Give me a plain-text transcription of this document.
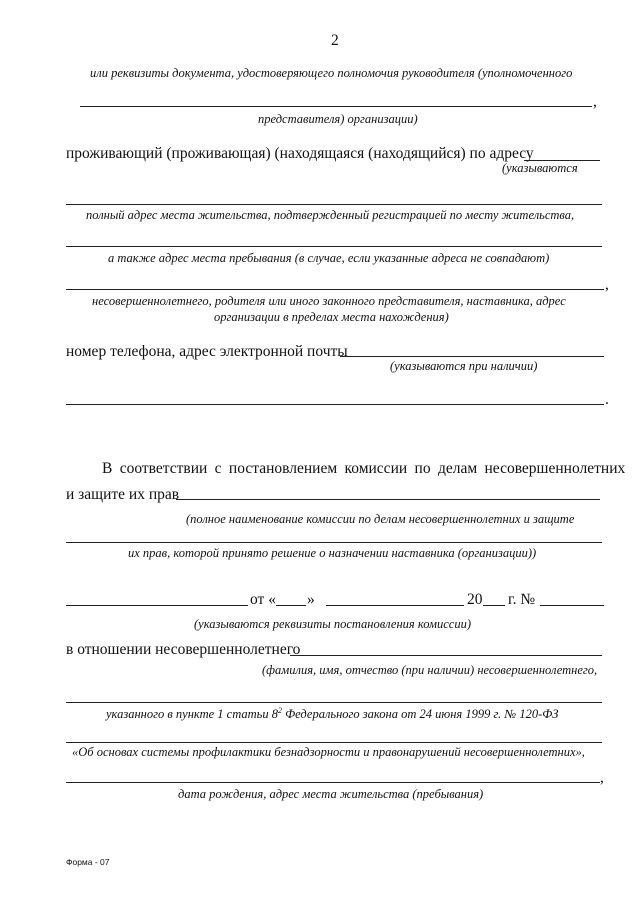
2
или реквизиты документа, удостоверяющего полномочия руководителя (уполномоченного
,
представителя) организации)
проживающий (проживающая) (находящаяся (находящийся) по адресу
(указываются
полный адрес места жительства, подтвержденный регистрацией по месту жительства,
а также адрес места пребывания (в случае, если указанные адреса не совпадают)
,
несовершеннолетнего, родителя или иного законного представителя, наставника, адрес
организации в пределах места нахождения)
номер телефона, адрес электронной почты
(указываются при наличии)
.
В соответствии с постановлением комиссии по делам несовершеннолетних
и защите их прав
(полное наименование комиссии по делам несовершеннолетних и защите
их прав, которой принято решение о назначении наставника (организации))
от « »	20 г. №
(указываются реквизиты постановления комиссии)
в отношении несовершеннолетнего
(фамилия, имя, отчество (при наличии) несовершеннолетнего,
указанного в пункте 1 статьи $8^2$ Федерального закона от 24 июня 1999 г. № 120-ФЗ
«Об основах системы профилактики безнадзорности и правонарушений несовершеннолетних»,
,
дата рождения, адрес места жительства (пребывания)
Форма - 07
